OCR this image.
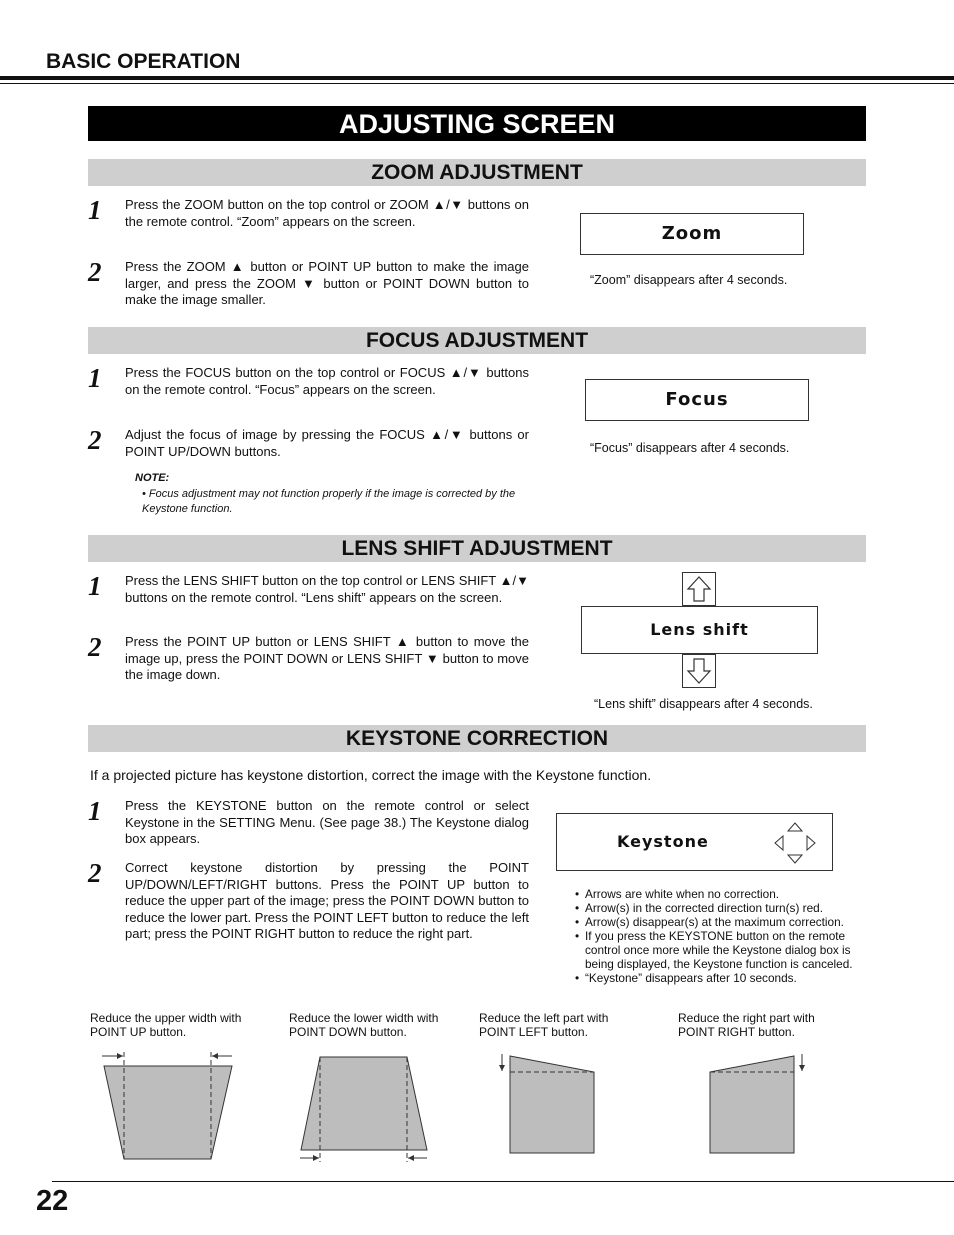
BASIC OPERATION
ADJUSTING SCREEN
ZOOM ADJUSTMENT
1 Press the ZOOM button on the top control or ZOOM ▲/▼ buttons on the remote control. “Zoom” appears on the screen.
2 Press the ZOOM ▲ button or POINT UP button to make the image larger, and press the ZOOM ▼ button or POINT DOWN button to make the image smaller.
Zoom
“Zoom” disappears after 4 seconds.
FOCUS ADJUSTMENT
1 Press the FOCUS button on the top control or FOCUS ▲/▼ buttons on the remote control. “Focus” appears on the screen.
2 Adjust the focus of image by pressing the FOCUS ▲/▼ buttons or POINT UP/DOWN buttons.
NOTE:
• Focus adjustment may not function properly if the image is corrected by the Keystone function.
Focus
“Focus” disappears after 4 seconds.
LENS SHIFT ADJUSTMENT
1 Press the LENS SHIFT button on the top control or LENS SHIFT ▲/▼ buttons on the remote control. “Lens shift” appears on the screen.
2 Press the POINT UP button or LENS SHIFT ▲ button to move the image up, press the POINT DOWN or LENS SHIFT ▼ button to move the image down.
Lens shift
“Lens shift” disappears after 4 seconds.
KEYSTONE CORRECTION
If a projected picture has keystone distortion, correct the image with the Keystone function.
1 Press the KEYSTONE button on the remote control or select Keystone in the SETTING Menu. (See page 38.) The Keystone dialog box appears.
2 Correct keystone distortion by pressing the POINT UP/DOWN/LEFT/RIGHT buttons. Press the POINT UP button to reduce the upper part of the image; press the POINT DOWN button to reduce the lower part. Press the POINT LEFT button to reduce the left part; press the POINT RIGHT button to reduce the right part.
Keystone
• Arrows are white when no correction.
• Arrow(s) in the corrected direction turn(s) red.
• Arrow(s) disappear(s) at the maximum correction.
• If you press the KEYSTONE button on the remote control once more while the Keystone dialog box is being displayed, the Keystone function is canceled.
• “Keystone” disappears after 10 seconds.
Reduce the upper width with POINT UP button.
Reduce the lower width with POINT DOWN button.
Reduce the left part with POINT LEFT button.
Reduce the right part with POINT RIGHT button.
22
